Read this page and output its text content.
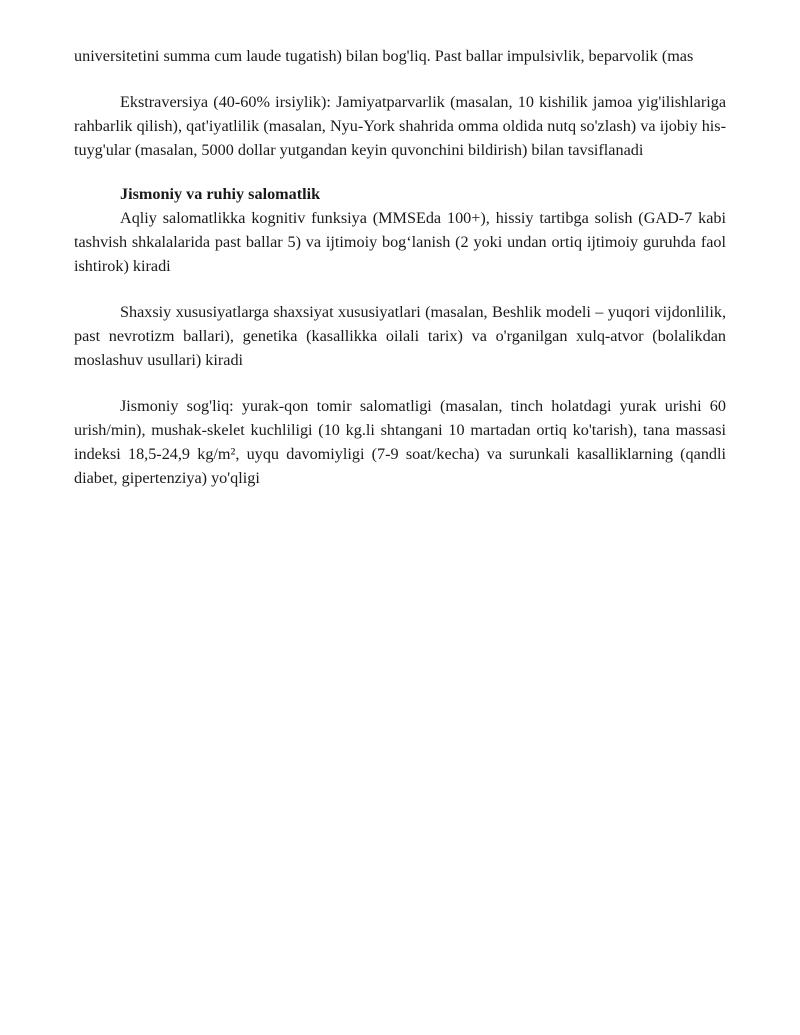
universitetini summa cum laude tugatish) bilan bog'liq. Past ballar impulsivlik, beparvolik (mas

Ekstraversiya (40-60% irsiylik): Jamiyatparvarlik (masalan, 10 kishilik jamoa yig'ilishlariga rahbarlik qilish), qat'iyatlilik (masalan, Nyu-York shahrida omma oldida nutq so'zlash) va ijobiy his-tuyg'ular (masalan, 5000 dollar yutgandan keyin quvonchini bildirish) bilan tavsiflanadi

Jismoniy va ruhiy salomatlik

Aqliy salomatlikka kognitiv funksiya (MMSEda 100+), hissiy tartibga solish (GAD-7 kabi tashvish shkalalarida past ballar 5) va ijtimoiy bog‘lanish (2 yoki undan ortiq ijtimoiy guruhda faol ishtirok) kiradi

Shaxsiy xususiyatlarga shaxsiyat xususiyatlari (masalan, Beshlik modeli – yuqori vijdonlilik, past nevrotizm ballari), genetika (kasallikka oilali tarix) va o'rganilgan xulq-atvor (bolalikdan moslashuv usullari) kiradi

Jismoniy sog'liq: yurak-qon tomir salomatligi (masalan, tinch holatdagi yurak urishi 60 urish/min), mushak-skelet kuchliligi (10 kg.li shtangani 10 martadan ortiq ko'tarish), tana massasi indeksi 18,5-24,9 kg/m², uyqu davomiyligi (7-9 soat/kecha) va surunkali kasalliklarning (qandli diabet, gipertenziya) yo'qligi
